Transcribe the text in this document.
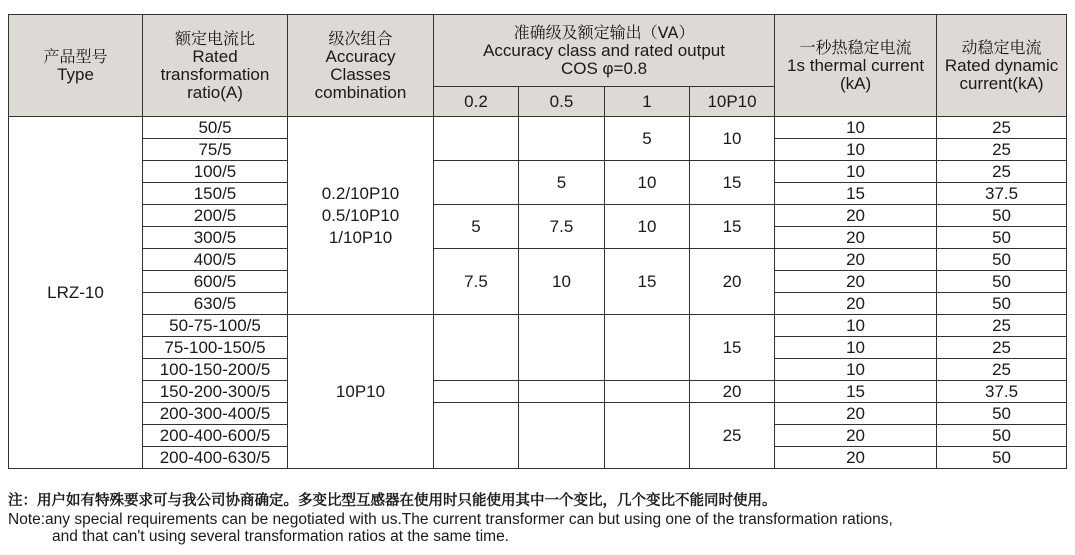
产品型号
Type	额定电流比
Rated
transformation
ratio(A)	级次组合
Accuracy
Classes
combination	准确级及额定输出（VA）
Accuracy class and rated output
COS φ=0.8				一秒热稳定电流
1s thermal current
(kA)	动稳定电流
Rated dynamic
current(kA)

			0.2	0.5	1	10P10		
LRZ-10	50/5	0.2/10P10
0.5/10P10
1/10P10			5	10	10	25
	75/5						10	25
	100/5			5	10	15	10	25
	150/5						15	37.5
	200/5		5	7.5	10	15	20	50
	300/5						20	50
	400/5		7.5	10	15	20	20	50
	600/5						20	50
	630/5						20	50
	50-75-100/5	10P10				15	10	25
	75-100-150/5						10	25
	100-150-200/5						10	25
	150-200-300/5					20	15	37.5
	200-300-400/5					25	20	50
	200-400-600/5						20	50
	200-400-630/5						20	50
注：用户如有特殊要求可与我公司协商确定。多变比型互感器在使用时只能使用其中一个变比，几个变比不能同时使用。
Note:any special requirements can be negotiated with us.The current transformer can but using one of the transformation rations,
and that can't using several transformation ratios at the same time.
